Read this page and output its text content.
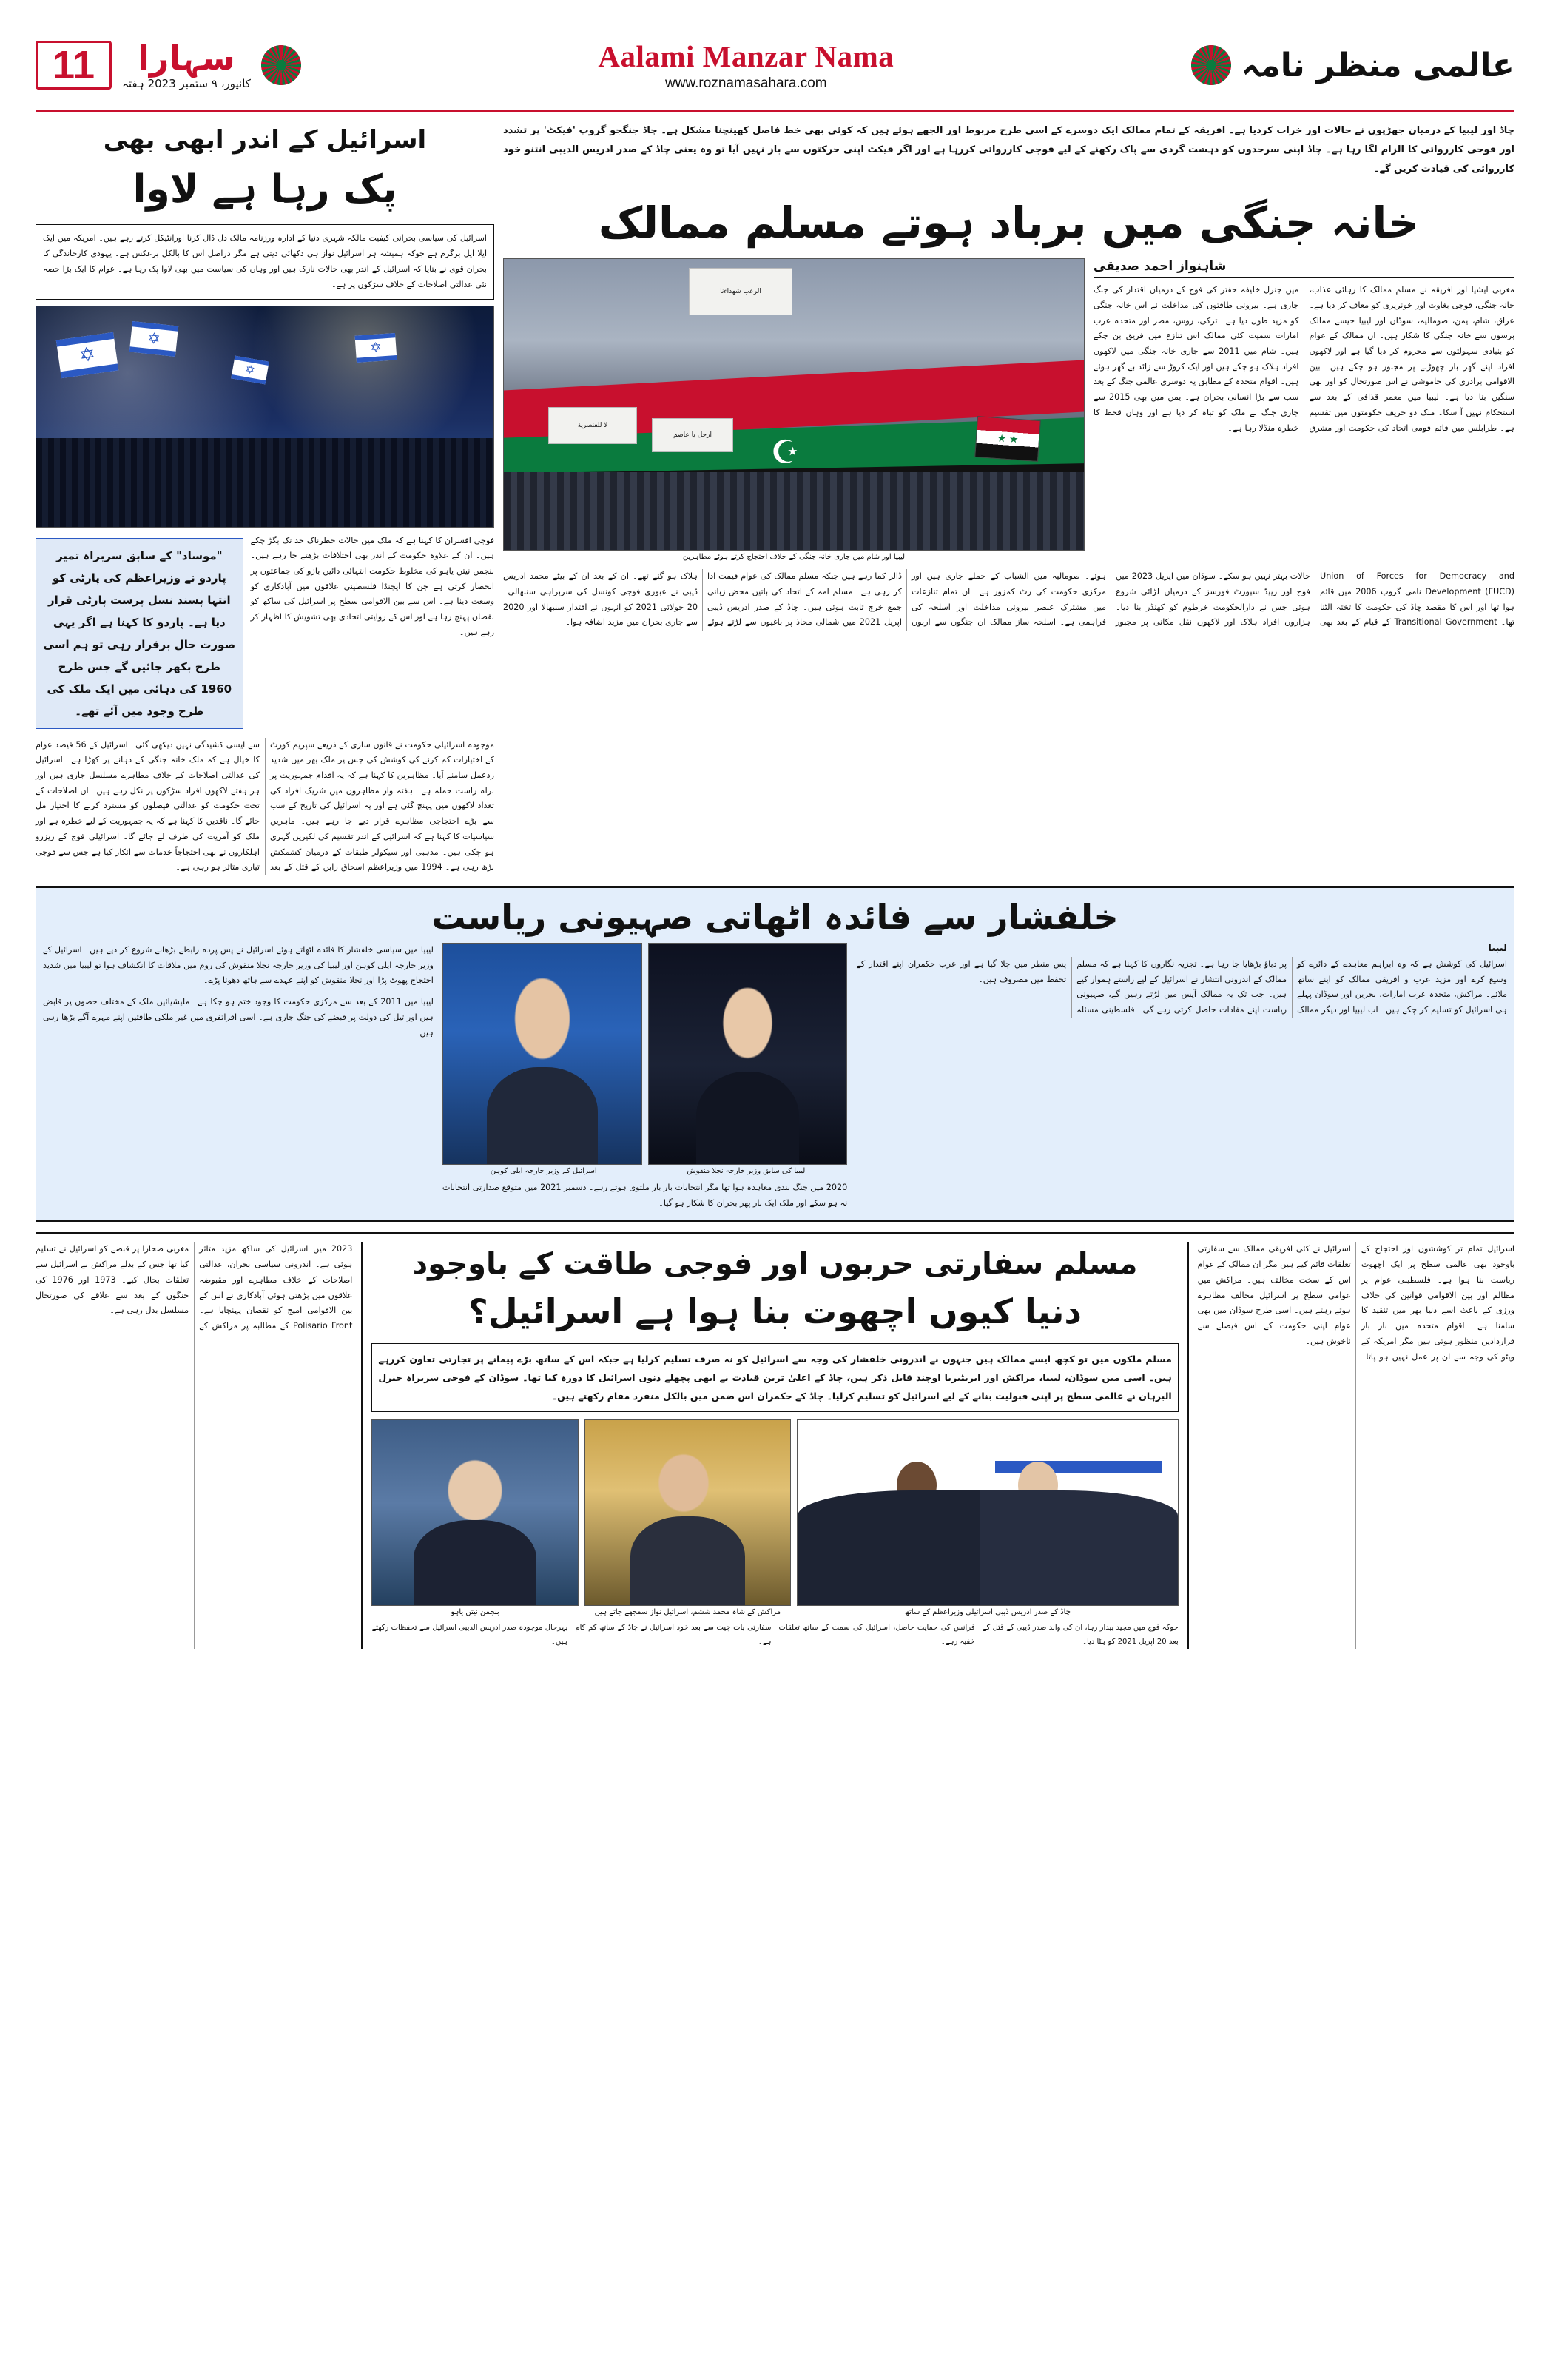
11	سہارا
کانپور، ۹ ستمبر 2023 ہفتہ
Aalami Manzar Nama
www.roznamasahara.com	عالمی منظر نامہ
اسرائیل کے اندر ابھی بھی
پک رہا ہے لاوا
اسرائیل کی سیاسی بحرانی کیفیت مالکہ شہری دنیا کے ادارہ ورزنامہ مالک دل ڈال کرنا اورانٹیکل کرتے رہے ہیں۔ امریکہ میں ایک ایلا ایل برگرم ہے جوکہ ہمیشہ ہر اسرائیل نواز ہی دکھائی دیتی ہے مگر دراصل اس کا بالکل برعکس ہے۔ یہودی کارخاندگی کا بحران قوی نے بتایا کہ اسرائیل کے اندر بھی حالات نازک ہیں اور وہاں کی سیاست میں بھی لاوا پک رہا ہے۔ عوام کا ایک بڑا حصہ نئی عدالتی اصلاحات کے خلاف سڑکوں پر ہے۔
✡
✡
✡
✡
"موساد" کے سابق سربراہ تمیر پاردو نے وزیراعظم کی پارٹی کو انتہا پسند نسل پرست پارٹی قرار دیا ہے۔ پاردو کا کہنا ہے اگر یہی صورت حال برقرار رہی تو ہم اسی طرح بکھر جائیں گے جس طرح 1960 کی دہائی میں ایک ملک کی طرح وجود میں آئے تھے۔
فوجی افسران کا کہنا ہے کہ ملک میں حالات خطرناک حد تک بگڑ چکے ہیں۔ ان کے علاوہ حکومت کے اندر بھی اختلافات بڑھتے جا رہے ہیں۔ بنجمن نیتن یاہو کی مخلوط حکومت انتہائی دائیں بازو کی جماعتوں پر انحصار کرتی ہے جن کا ایجنڈا فلسطینی علاقوں میں آبادکاری کو وسعت دینا ہے۔ اس سے بین الاقوامی سطح پر اسرائیل کی ساکھ کو نقصان پہنچ رہا ہے اور اس کے روایتی اتحادی بھی تشویش کا اظہار کر رہے ہیں۔
موجودہ اسرائیلی حکومت نے قانون سازی کے ذریعے سپریم کورٹ کے اختیارات کم کرنے کی کوشش کی جس پر ملک بھر میں شدید ردعمل سامنے آیا۔ مظاہرین کا کہنا ہے کہ یہ اقدام جمہوریت پر براہ راست حملہ ہے۔ ہفتہ وار مظاہروں میں شریک افراد کی تعداد لاکھوں میں پہنچ گئی ہے اور یہ اسرائیل کی تاریخ کے سب سے بڑے احتجاجی مظاہرے قرار دیے جا رہے ہیں۔ ماہرین سیاسیات کا کہنا ہے کہ اسرائیل کے اندر تقسیم کی لکیریں گہری ہو چکی ہیں۔ مذہبی اور سیکولر طبقات کے درمیان کشمکش بڑھ رہی ہے۔ 1994 میں وزیراعظم اسحاق رابن کے قتل کے بعد سے ایسی کشیدگی نہیں دیکھی گئی۔ اسرائیل کے 56 فیصد عوام کا خیال ہے کہ ملک خانہ جنگی کے دہانے پر کھڑا ہے۔ اسرائیل کی عدالتی اصلاحات کے خلاف مظاہرے مسلسل جاری ہیں اور ہر ہفتے لاکھوں افراد سڑکوں پر نکل رہے ہیں۔ ان اصلاحات کے تحت حکومت کو عدالتی فیصلوں کو مسترد کرنے کا اختیار مل جائے گا۔ ناقدین کا کہنا ہے کہ یہ جمہوریت کے لیے خطرہ ہے اور ملک کو آمریت کی طرف لے جائے گا۔ اسرائیلی فوج کے ریزرو اہلکاروں نے بھی احتجاجاً خدمات سے انکار کیا ہے جس سے فوجی تیاری متاثر ہو رہی ہے۔
چاڈ اور لیبیا کے درمیان جھڑپوں نے حالات اور خراب کردیا ہے۔ افریقہ کے تمام ممالک ایک دوسرے کے اسی طرح مربوط اور الجھے ہوئے ہیں کہ کوئی بھی خط فاصل کھینچنا مشکل ہے۔ چاڈ جنگجو گروپ 'فیکٹ' پر تشدد اور فوجی کارروائی کا الزام لگا رہا ہے۔ چاڈ اپنی سرحدوں کو دہشت گردی سے پاک رکھنے کے لیے فوجی کارروائی کررہا ہے اور اگر فیکٹ اپنی حرکتوں سے باز نہیں آیا تو وہ یعنی چاڈ کے صدر ادریس الدیبی انتنو خود کارروائی کی قیادت کریں گے۔
خانہ جنگی میں برباد ہوتے مسلم ممالک
☪
الرعب شهداءنا
لا للعنصرية
ارحل يا عاصم
★ ★
لیبیا اور شام میں جاری خانہ جنگی کے خلاف احتجاج کرتے ہوئے مظاہرین
شاہنواز احمد صدیقی
مغربی ایشیا اور افریقہ نے مسلم ممالک کا رہائی عذاب، خانہ جنگی، فوجی بغاوت اور خونریزی کو معاف کر دیا ہے۔ عراق، شام، یمن، صومالیہ، سوڈان اور لیبیا جیسے ممالک برسوں سے خانہ جنگی کا شکار ہیں۔ ان ممالک کے عوام کو بنیادی سہولتوں سے محروم کر دیا گیا ہے اور لاکھوں افراد اپنے گھر بار چھوڑنے پر مجبور ہو چکے ہیں۔ بین الاقوامی برادری کی خاموشی نے اس صورتحال کو اور بھی سنگین بنا دیا ہے۔ لیبیا میں معمر قذافی کے بعد سے استحکام نہیں آ سکا۔ ملک دو حریف حکومتوں میں تقسیم ہے۔ طرابلس میں قائم قومی اتحاد کی حکومت اور مشرق میں جنرل خلیفہ حفتر کی فوج کے درمیان اقتدار کی جنگ جاری ہے۔ بیرونی طاقتوں کی مداخلت نے اس خانہ جنگی کو مزید طول دیا ہے۔ ترکی، روس، مصر اور متحدہ عرب امارات سمیت کئی ممالک اس تنازع میں فریق بن چکے ہیں۔ شام میں 2011 سے جاری خانہ جنگی میں لاکھوں افراد ہلاک ہو چکے ہیں اور ایک کروڑ سے زائد بے گھر ہوئے ہیں۔ اقوام متحدہ کے مطابق یہ دوسری عالمی جنگ کے بعد سب سے بڑا انسانی بحران ہے۔ یمن میں بھی 2015 سے جاری جنگ نے ملک کو تباہ کر دیا ہے اور وہاں قحط کا خطرہ منڈلا رہا ہے۔
Union of Forces for Democracy and Development (FUCD) نامی گروپ 2006 میں قائم ہوا تھا اور اس کا مقصد چاڈ کی حکومت کا تختہ الٹنا تھا۔ Transitional Government کے قیام کے بعد بھی حالات بہتر نہیں ہو سکے۔ سوڈان میں اپریل 2023 میں فوج اور ریپڈ سپورٹ فورسز کے درمیان لڑائی شروع ہوئی جس نے دارالحکومت خرطوم کو کھنڈر بنا دیا۔ ہزاروں افراد ہلاک اور لاکھوں نقل مکانی پر مجبور ہوئے۔ صومالیہ میں الشباب کے حملے جاری ہیں اور مرکزی حکومت کی رٹ کمزور ہے۔ ان تمام تنازعات میں مشترک عنصر بیرونی مداخلت اور اسلحہ کی فراہمی ہے۔ اسلحہ ساز ممالک ان جنگوں سے اربوں ڈالر کما رہے ہیں جبکہ مسلم ممالک کی عوام قیمت ادا کر رہی ہے۔ مسلم امہ کے اتحاد کی باتیں محض زبانی جمع خرچ ثابت ہوئی ہیں۔ چاڈ کے صدر ادریس ڈیبی اپریل 2021 میں شمالی محاذ پر باغیوں سے لڑتے ہوئے ہلاک ہو گئے تھے۔ ان کے بعد ان کے بیٹے محمد ادریس ڈیبی نے عبوری فوجی کونسل کی سربراہی سنبھالی۔ 20 جولائی 2021 کو انہوں نے اقتدار سنبھالا اور 2020 سے جاری بحران میں مزید اضافہ ہوا۔
خلفشار سے فائدہ اٹھاتی صہیونی ریاست
لیبیا میں سیاسی خلفشار کا فائدہ اٹھاتے ہوئے اسرائیل نے پس پردہ رابطے بڑھانے شروع کر دیے ہیں۔ اسرائیل کے وزیر خارجہ ایلی کوہن اور لیبیا کی وزیر خارجہ نجلا منقوش کی روم میں ملاقات کا انکشاف ہوا تو لیبیا میں شدید احتجاج پھوٹ پڑا اور نجلا منقوش کو اپنے عہدے سے ہاتھ دھونا پڑے۔
لیبیا میں 2011 کے بعد سے مرکزی حکومت کا وجود ختم ہو چکا ہے۔ ملیشیائیں ملک کے مختلف حصوں پر قابض ہیں اور تیل کی دولت پر قبضے کی جنگ جاری ہے۔ اسی افراتفری میں غیر ملکی طاقتیں اپنے مہرے آگے بڑھا رہی ہیں۔
اسرائیل کے وزیر خارجہ ایلی کوہن	لیبیا کی سابق وزیر خارجہ نجلا منقوش
2020 میں جنگ بندی معاہدہ ہوا تھا مگر انتخابات بار بار ملتوی ہوتے رہے۔ دسمبر 2021 میں متوقع صدارتی انتخابات نہ ہو سکے اور ملک ایک بار پھر بحران کا شکار ہو گیا۔
لیبیا
اسرائیل کی کوشش ہے کہ وہ ابراہم معاہدے کے دائرے کو وسیع کرے اور مزید عرب و افریقی ممالک کو اپنے ساتھ ملائے۔ مراکش، متحدہ عرب امارات، بحرین اور سوڈان پہلے ہی اسرائیل کو تسلیم کر چکے ہیں۔ اب لیبیا اور دیگر ممالک پر دباؤ بڑھایا جا رہا ہے۔ تجزیہ نگاروں کا کہنا ہے کہ مسلم ممالک کے اندرونی انتشار نے اسرائیل کے لیے راستے ہموار کیے ہیں۔ جب تک یہ ممالک آپس میں لڑتے رہیں گے، صہیونی ریاست اپنے مفادات حاصل کرتی رہے گی۔ فلسطینی مسئلہ پس منظر میں چلا گیا ہے اور عرب حکمران اپنے اقتدار کے تحفظ میں مصروف ہیں۔
2023 میں اسرائیل کی ساکھ مزید متاثر ہوئی ہے۔ اندرونی سیاسی بحران، عدالتی اصلاحات کے خلاف مظاہرے اور مقبوضہ علاقوں میں بڑھتی ہوئی آبادکاری نے اس کے بین الاقوامی امیج کو نقصان پہنچایا ہے۔ Polisario Front کے مطالبہ پر مراکش کے مغربی صحارا پر قبضے کو اسرائیل نے تسلیم کیا تھا جس کے بدلے مراکش نے اسرائیل سے تعلقات بحال کیے۔ 1973 اور 1976 کی جنگوں کے بعد سے علاقے کی صورتحال مسلسل بدل رہی ہے۔
مسلم سفارتی حربوں اور فوجی طاقت کے باوجود
دنیا کیوں اچھوت بنا ہوا ہے اسرائیل؟
مسلم ملکوں میں تو کچھ ایسے ممالک ہیں جنہوں نے اندرونی خلفشار کی وجہ سے اسرائیل کو نہ صرف تسلیم کرلیا ہے جبکہ اس کے ساتھ بڑے پیمانے پر تجارتی تعاون کررہے ہیں۔ اسی میں سوڈان، لیبیا، مراکش اور ایریٹیریا اوچند قابل ذکر ہیں، چاڈ کے اعلیٰ ترین قیادت نے ابھی پچھلے دنوں اسرائیل کا دورہ کیا تھا۔ سوڈان کے فوجی سربراہ جنرل البرہان نے عالمی سطح پر اپنی قبولیت بنانے کے لیے اسرائیل کو تسلیم کرلیا۔ چاڈ کے حکمران اس ضمن میں بالکل منفرد مقام رکھتے ہیں۔
بنجمن نیتن یاہو	مراکش کے شاہ محمد ششم، اسرائیل نواز سمجھے جاتے ہیں	چاڈ کے صدر ادریس ڈیبی اسرائیلی وزیراعظم کے ساتھ
بہرحال موجودہ صدر ادریس الدیبی اسرائیل سے تحفظات رکھتے ہیں۔
سفارتی بات چیت سے بعد خود اسرائیل نے چاڈ کے ساتھ کم کام ہے۔
فرانس کی حمایت حاصل، اسرائیل کی سمت کے ساتھ تعلقات خفیہ رہے۔
جوکہ فوج میں مجید بیدار رہا، ان کی والد صدر ڈیبی کے قتل کے بعد 20 اپریل 2021 کو ہٹا دیا۔
اسرائیل تمام تر کوششوں اور احتجاج کے باوجود بھی عالمی سطح پر ایک اچھوت ریاست بنا ہوا ہے۔ فلسطینی عوام پر مظالم اور بین الاقوامی قوانین کی خلاف ورزی کے باعث اسے دنیا بھر میں تنقید کا سامنا ہے۔ اقوام متحدہ میں بار بار قراردادیں منظور ہوتی ہیں مگر امریکہ کے ویٹو کی وجہ سے ان پر عمل نہیں ہو پاتا۔ اسرائیل نے کئی افریقی ممالک سے سفارتی تعلقات قائم کیے ہیں مگر ان ممالک کے عوام اس کے سخت مخالف ہیں۔ مراکش میں عوامی سطح پر اسرائیل مخالف مظاہرے ہوتے رہتے ہیں۔ اسی طرح سوڈان میں بھی عوام اپنی حکومت کے اس فیصلے سے ناخوش ہیں۔
